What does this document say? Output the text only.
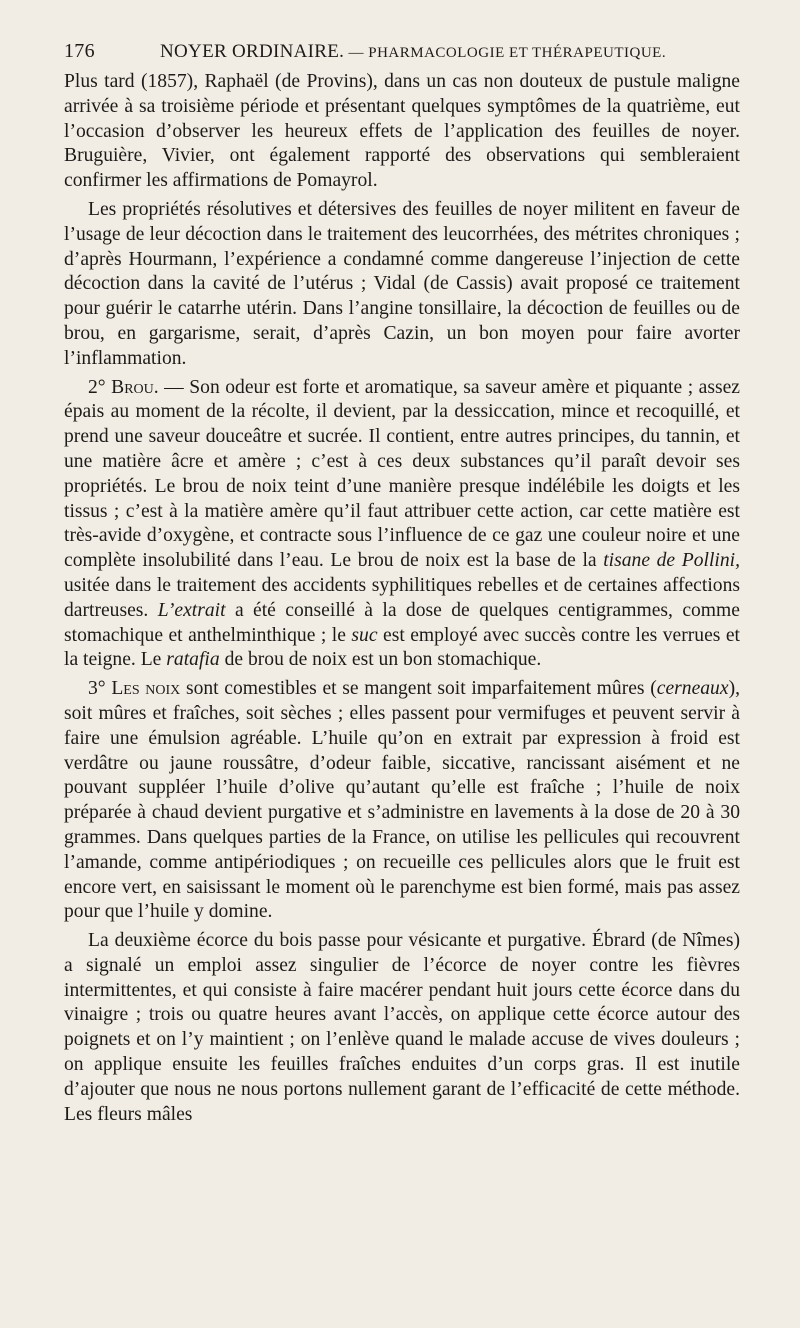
176	NOYER ORDINAIRE. — PHARMACOLOGIE ET THÉRAPEUTIQUE.

Plus tard (1857), Raphaël (de Provins), dans un cas non douteux de pustule maligne arrivée à sa troisième période et présentant quelques symptômes de la quatrième, eut l’occasion d’observer les heureux effets de l’application des feuilles de noyer. Bruguière, Vivier, ont également rapporté des observations qui sembleraient confirmer les affirmations de Pomayrol.

Les propriétés résolutives et détersives des feuilles de noyer militent en faveur de l’usage de leur décoction dans le traitement des leucorrhées, des métrites chroniques ; d’après Hourmann, l’expérience a condamné comme dangereuse l’injection de cette décoction dans la cavité de l’utérus ; Vidal (de Cassis) avait proposé ce traitement pour guérir le catarrhe utérin. Dans l’angine tonsillaire, la décoction de feuilles ou de brou, en gargarisme, serait, d’après Cazin, un bon moyen pour faire avorter l’inflammation.

2° Brou. — Son odeur est forte et aromatique, sa saveur amère et piquante ; assez épais au moment de la récolte, il devient, par la dessiccation, mince et recoquillé, et prend une saveur douceâtre et sucrée. Il contient, entre autres principes, du tannin, et une matière âcre et amère ; c’est à ces deux substances qu’il paraît devoir ses propriétés. Le brou de noix teint d’une manière presque indélébile les doigts et les tissus ; c’est à la matière amère qu’il faut attribuer cette action, car cette matière est très-avide d’oxygène, et contracte sous l’influence de ce gaz une couleur noire et une complète insolubilité dans l’eau. Le brou de noix est la base de la tisane de Pollini, usitée dans le traitement des accidents syphilitiques rebelles et de certaines affections dartreuses. L’extrait a été conseillé à la dose de quelques centigrammes, comme stomachique et anthelminthique ; le suc est employé avec succès contre les verrues et la teigne. Le ratafia de brou de noix est un bon stomachique.

3° Les noix sont comestibles et se mangent soit imparfaitement mûres (cerneaux), soit mûres et fraîches, soit sèches ; elles passent pour vermifuges et peuvent servir à faire une émulsion agréable. L’huile qu’on en extrait par expression à froid est verdâtre ou jaune roussâtre, d’odeur faible, siccative, rancissant aisément et ne pouvant suppléer l’huile d’olive qu’autant qu’elle est fraîche ; l’huile de noix préparée à chaud devient purgative et s’administre en lavements à la dose de 20 à 30 grammes. Dans quelques parties de la France, on utilise les pellicules qui recouvrent l’amande, comme antipériodiques ; on recueille ces pellicules alors que le fruit est encore vert, en saisissant le moment où le parenchyme est bien formé, mais pas assez pour que l’huile y domine.

La deuxième écorce du bois passe pour vésicante et purgative. Ébrard (de Nîmes) a signalé un emploi assez singulier de l’écorce de noyer contre les fièvres intermittentes, et qui consiste à faire macérer pendant huit jours cette écorce dans du vinaigre ; trois ou quatre heures avant l’accès, on applique cette écorce autour des poignets et on l’y maintient ; on l’enlève quand le malade accuse de vives douleurs ; on applique ensuite les feuilles fraîches enduites d’un corps gras. Il est inutile d’ajouter que nous ne nous portons nullement garant de l’efficacité de cette méthode. Les fleurs mâles
